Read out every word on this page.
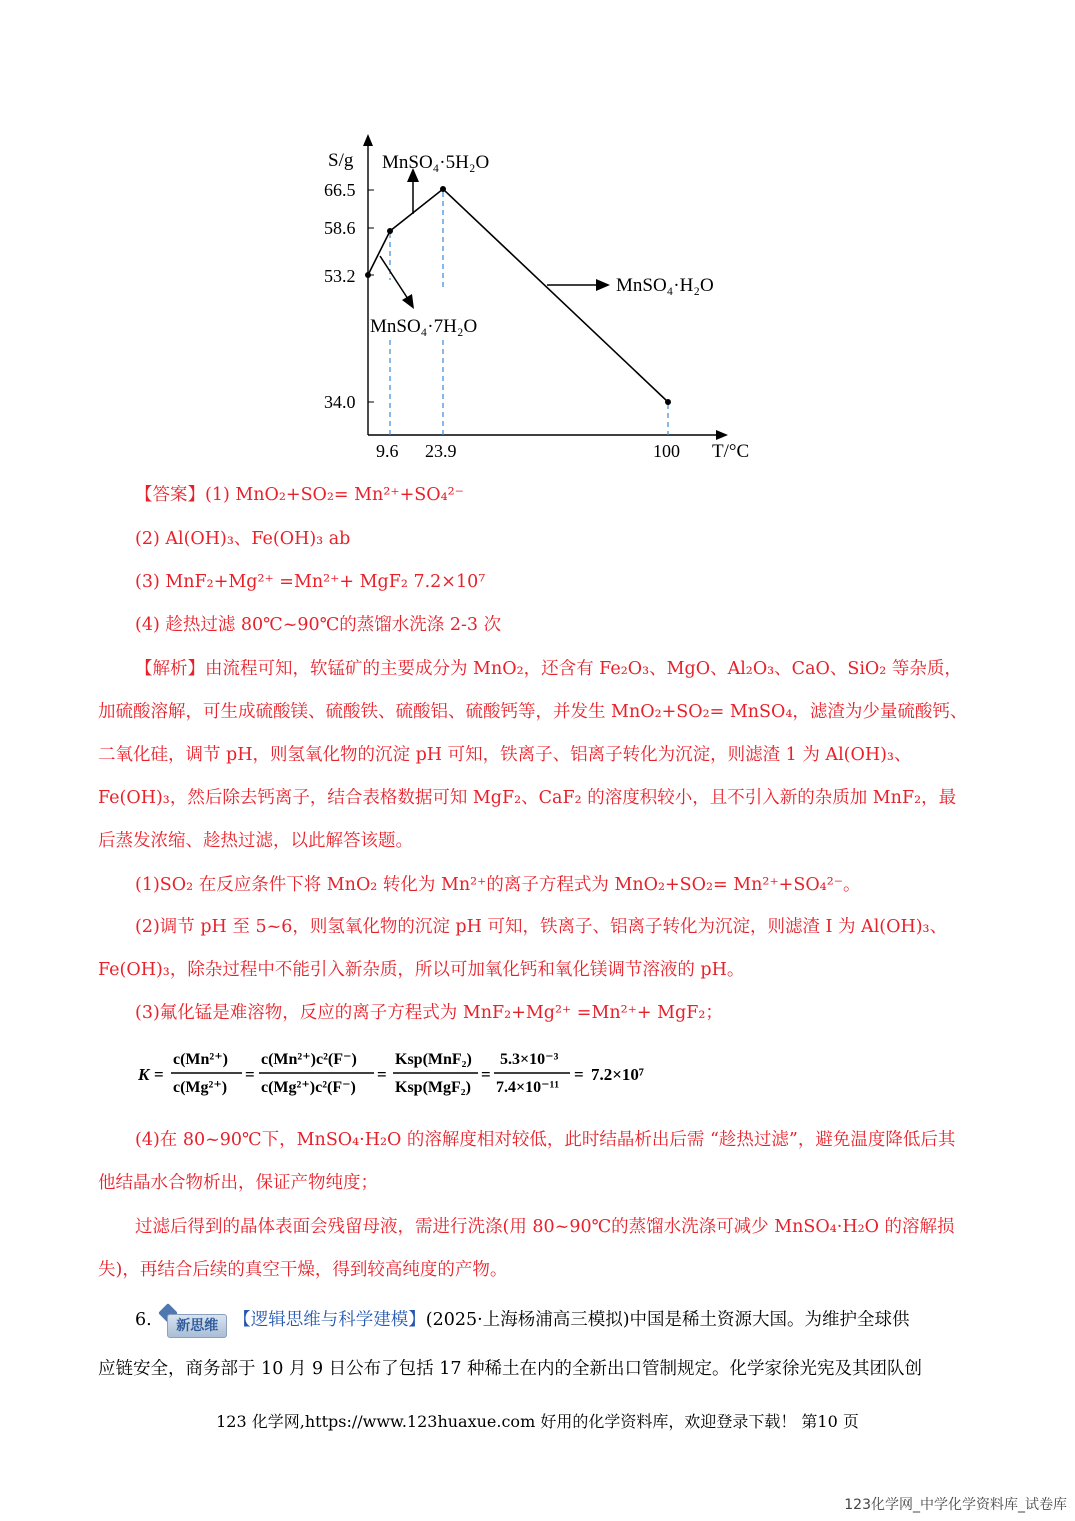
S/g
T/°C
66.5
58.6
53.2
34.0
9.6 23.9	100
MnSO₄·5H₂O
MnSO₄·H₂O
MnSO₄·7H₂O
【答案】(1) MnO₂+SO₂= Mn²⁺+SO₄²⁻
(2) Al(OH)₃、Fe(OH)₃ ab
(3) MnF₂+Mg²⁺ =Mn²⁺+ MgF₂ 7.2×10⁷
(4) 趁热过滤 80℃~90℃的蒸馏水洗涤 2-3 次
【解析】由流程可知，软锰矿的主要成分为 MnO₂，还含有 Fe₂O₃、MgO、Al₂O₃、CaO、SiO₂ 等杂质，
加硫酸溶解，可生成硫酸镁、硫酸铁、硫酸铝、硫酸钙等，并发生 MnO₂+SO₂= MnSO₄，滤渣为少量硫酸钙、
二氧化硅，调节 pH，则氢氧化物的沉淀 pH 可知，铁离子、铝离子转化为沉淀，则滤渣 1 为 Al(OH)₃、
Fe(OH)₃，然后除去钙离子，结合表格数据可知 MgF₂、CaF₂ 的溶度积较小，且不引入新的杂质加 MnF₂，最
后蒸发浓缩、趁热过滤，以此解答该题。
(1)SO₂ 在反应条件下将 MnO₂ 转化为 Mn²⁺的离子方程式为 MnO₂+SO₂= Mn²⁺+SO₄²⁻。
(2)调节 pH 至 5~6，则氢氧化物的沉淀 pH 可知，铁离子、铝离子转化为沉淀，则滤渣 I 为 Al(OH)₃、
Fe(OH)₃，除杂过程中不能引入新杂质，所以可加氧化钙和氧化镁调节溶液的 pH。
(3)氟化锰是难溶物，反应的离子方程式为 MnF₂+Mg²⁺ =Mn²⁺+ MgF₂；
K =
c(Mn²⁺)
c(Mg²⁺)
=
c(Mn²⁺)c²(F⁻)
c(Mg²⁺)c²(F⁻)
=
Ksp(MnF₂)
Ksp(MgF₂)
=
5.3×10⁻³
7.4×10⁻¹¹
= 7.2×10⁷
(4)在 80~90℃下，MnSO₄·H₂O 的溶解度相对较低，此时结晶析出后需 “趁热过滤”，避免温度降低后其
他结晶水合物析出，保证产物纯度；
过滤后得到的晶体表面会残留母液，需进行洗涤(用 80~90℃的蒸馏水洗涤可减少 MnSO₄·H₂O 的溶解损
失)，再结合后续的真空干燥，得到较高纯度的产物。
6.	新思维 【逻辑思维与科学建模】(2025·上海杨浦高三模拟)中国是稀土资源大国。为维护全球供
应链安全，商务部于 10 月 9 日公布了包括 17 种稀土在内的全新出口管制规定。化学家徐光宪及其团队创
123 化学网,https://www.123huaxue.com 好用的化学资料库，欢迎登录下载！ 第10 页
123化学网_中学化学资料库_试卷库
